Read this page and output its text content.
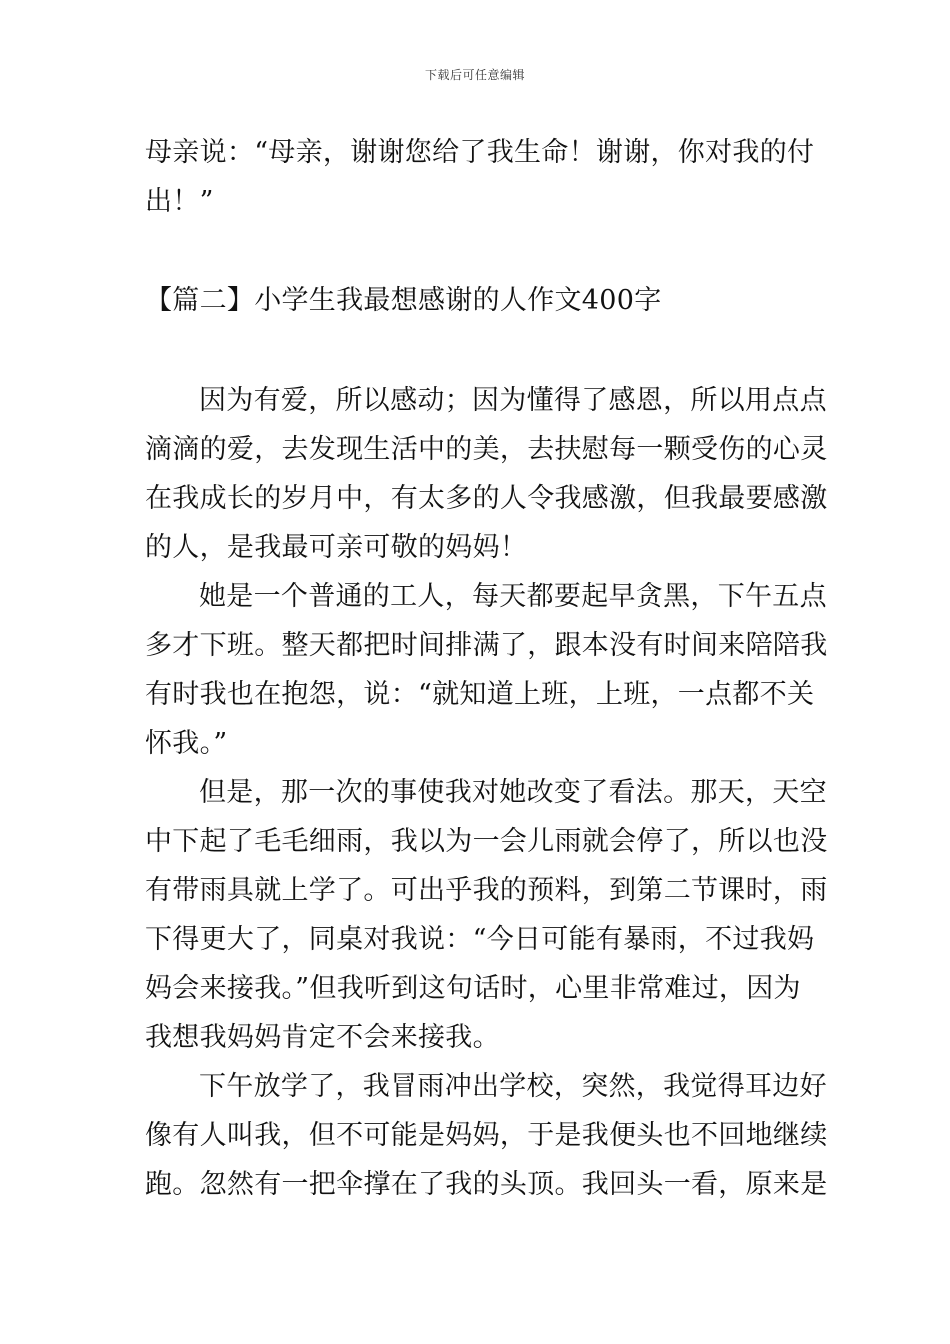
下载后可任意编辑
母亲说：“母亲，谢谢您给了我生命！谢谢，你对我的付
出！”
【篇二】小学生我最想感谢的人作文400字
因为有爱，所以感动；因为懂得了感恩，所以用点点
滴滴的爱，去发现生活中的美，去扶慰每一颗受伤的心灵
在我成长的岁月中，有太多的人令我感激，但我最要感激
的人，是我最可亲可敬的妈妈！
她是一个普通的工人，每天都要起早贪黑，下午五点
多才下班。整天都把时间排满了，跟本没有时间来陪陪我
有时我也在抱怨，说：“就知道上班，上班，一点都不关
怀我。”
但是，那一次的事使我对她改变了看法。那天，天空
中下起了毛毛细雨，我以为一会儿雨就会停了，所以也没
有带雨具就上学了。可出乎我的预料，到第二节课时，雨
下得更大了，同桌对我说：“今日可能有暴雨，不过我妈
妈会来接我。”但我听到这句话时，心里非常难过，因为
我想我妈妈肯定不会来接我。
下午放学了，我冒雨冲出学校，突然，我觉得耳边好
像有人叫我，但不可能是妈妈，于是我便头也不回地继续
跑。忽然有一把伞撑在了我的头顶。我回头一看，原来是
